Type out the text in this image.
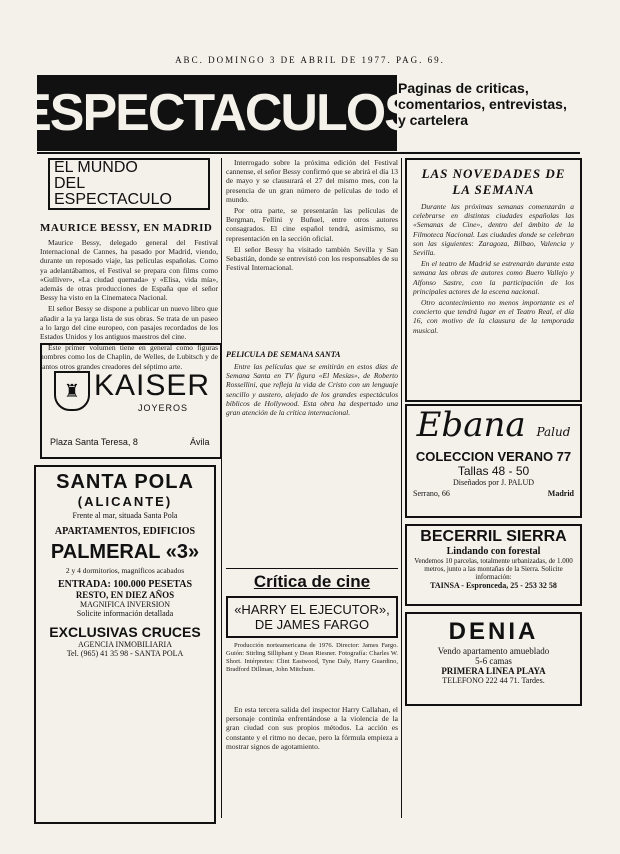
ABC. DOMINGO 3 DE ABRIL DE 1977. PAG. 69.
ESPECTACULOS
Paginas de criticas, comentarios, entrevistas, y cartelera
EL MUNDO
DEL
ESPECTACULO
MAURICE BESSY, EN MADRID

Maurice Bessy, delegado general del Festival Internacional de Cannes, ha pasado por Madrid, viendo, durante un reposado viaje, las películas españolas. Como ya adelantábamos, el Festival se prepara con films como «Gulliver», «La ciudad quemada» y «Elisa, vida mía», además de otras producciones de España que el señor Bessy ha visto en la Cinemateca Nacional.

El señor Bessy se dispone a publicar un nuevo libro que añadir a la ya larga lista de sus obras. Se trata de un paseo a lo largo del cine europeo, con pasajes recordados de los Estados Unidos y los antiguos maestros del cine.

Este primer volumen tiene en general como figuras nombres como los de Chaplin, de Welles, de Lubitsch y de tantos otros grandes creadores del séptimo arte.

♜ KAISER
JOYEROS
Plaza Santa Teresa, 8	Ávila
SANTA POLA
(ALICANTE)
Frente al mar, situada Santa Pola
APARTAMENTOS, EDIFICIOS
PALMERAL «3»
2 y 4 dormitorios, magníficos acabados
ENTRADA: 100.000 PESETAS
RESTO, EN DIEZ AÑOS
MAGNIFICA INVERSION
Solicite información detallada
EXCLUSIVAS CRUCES
AGENCIA INMOBILIARIA
Tel. (965) 41 35 98 - SANTA POLA

Interrogado sobre la próxima edición del Festival cannense, el señor Bessy confirmó que se abrirá el día 13 de mayo y se clausurará el 27 del mismo mes, con la presencia de un gran número de películas de todo el mundo.

Por otra parte, se presentarán las películas de Bergman, Fellini y Buñuel, entre otros autores consagrados. El cine español tendrá, asimismo, su representación en la sección oficial.

El señor Bessy ha visitado también Sevilla y San Sebastián, donde se entrevistó con los responsables de su Festival Internacional.

PELICULA DE SEMANA SANTA

Entre las películas que se emitirán en estos días de Semana Santa en TV figura «El Mesías», de Roberto Rossellini, que refleja la vida de Cristo con un lenguaje sencillo y austero, alejado de los grandes espectáculos bíblicos de Hollywood. Esta obra ha despertado una gran atención de la crítica internacional.

Crítica de cine
«HARRY EL EJECUTOR», DE JAMES FARGO

Producción norteamericana de 1976. Director: James Fargo. Guión: Stirling Silliphant y Dean Riesner. Fotografía: Charles W. Short. Intérpretes: Clint Eastwood, Tyne Daly, Harry Guardino, Bradford Dillman, John Mitchum.

En esta tercera salida del inspector Harry Callahan, el personaje continúa enfrentándose a la violencia de la gran ciudad con sus propios métodos. La acción es constante y el ritmo no decae, pero la fórmula empieza a mostrar signos de agotamiento.

LAS NOVEDADES DE LA SEMANA

Durante las próximas semanas comenzarán a celebrarse en distintas ciudades españolas las «Semanas de Cine», dentro del ámbito de la Filmoteca Nacional. Las ciudades donde se celebran son las siguientes: Zaragoza, Bilbao, Valencia y Sevilla.

En el teatro de Madrid se estrenarán durante esta semana las obras de autores como Buero Vallejo y Alfonso Sastre, con la participación de los principales actores de la escena nacional.

Otro acontecimiento no menos importante es el concierto que tendrá lugar en el Teatro Real, el día 16, con motivo de la clausura de la temporada musical.

Ebana Palud
COLECCION VERANO 77
Tallas 48 - 50
Diseñados por J. PALUD
Serrano, 66	Madrid
BECERRIL SIERRA
Lindando con forestal
Vendemos 10 parcelas, totalmente urbanizadas, de 1.000 metros, junto a las montañas de la Sierra. Solicite información:
TAINSA - Espronceda, 25 - 253 32 58
DENIA
Vendo apartamento amueblado
5-6 camas
PRIMERA LINEA PLAYA
TELEFONO 222 44 71. Tardes.
